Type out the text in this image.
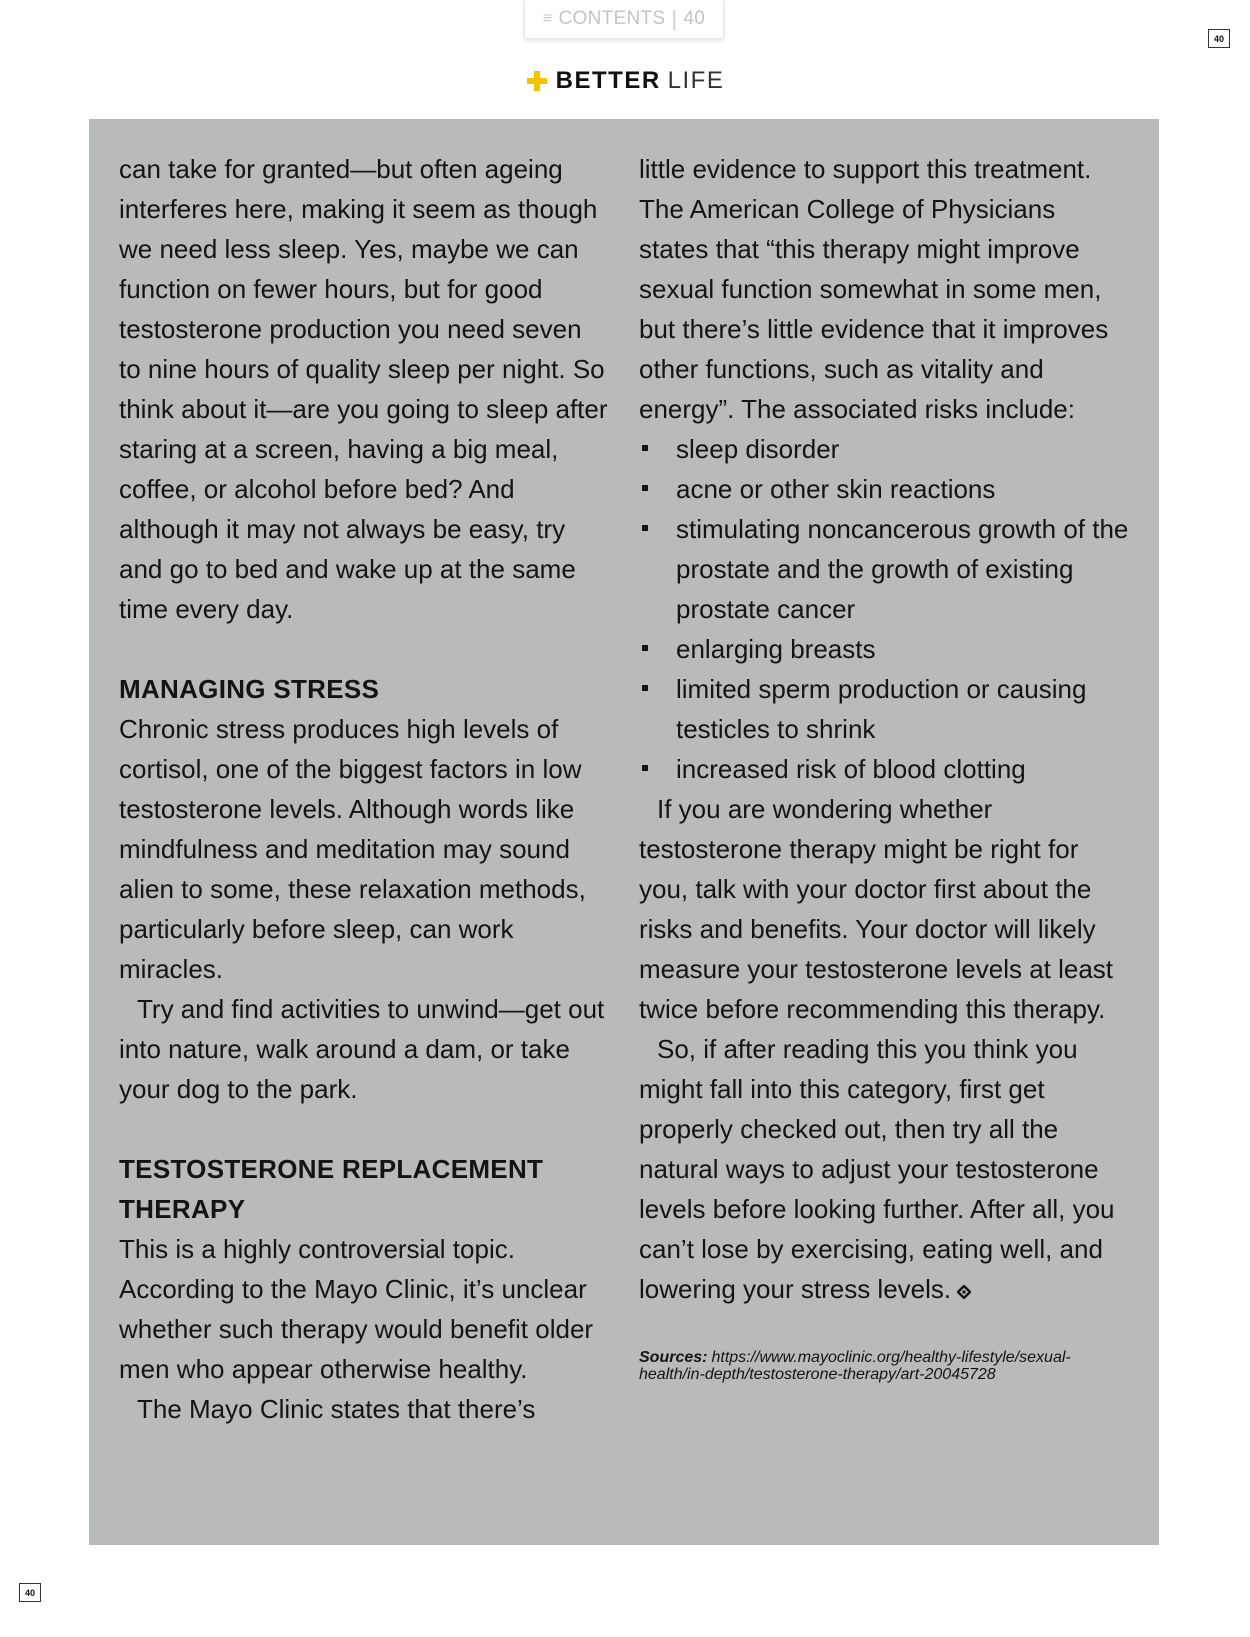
≡ CONTENTS | 40
40
BETTER LIFE

can take for granted—but often ageing interferes here, making it seem as though we need less sleep. Yes, maybe we can function on fewer hours, but for good testosterone production you need seven to nine hours of quality sleep per night. So think about it—are you going to sleep after staring at a screen, having a big meal, coffee, or alcohol before bed? And although it may not always be easy, try and go to bed and wake up at the same time every day.

MANAGING STRESS

Chronic stress produces high levels of cortisol, one of the biggest factors in low testosterone levels. Although words like mindfulness and meditation may sound alien to some, these relaxation methods, particularly before sleep, can work miracles.

Try and find activities to unwind—get out into nature, walk around a dam, or take your dog to the park.

TESTOSTERONE REPLACEMENT THERAPY

This is a highly controversial topic. According to the Mayo Clinic, it’s unclear whether such therapy would benefit older men who appear otherwise healthy.

The Mayo Clinic states that there’s

little evidence to support this treatment. The American College of Physicians states that “this therapy might improve sexual function somewhat in some men, but there’s little evidence that it improves other functions, such as vitality and energy”. The associated risks include:

sleep disorder
acne or other skin reactions
stimulating noncancerous growth of the prostate and the growth of existing prostate cancer
enlarging breasts
limited sperm production or causing testicles to shrink
increased risk of blood clotting

If you are wondering whether testosterone therapy might be right for you, talk with your doctor first about the risks and benefits. Your doctor will likely measure your testosterone levels at least twice before recommending this therapy.

So, if after reading this you think you might fall into this category, first get properly checked out, then try all the natural ways to adjust your testosterone levels before looking further. After all, you can’t lose by exercising, eating well, and lowering your stress levels.

Sources: https://www.mayoclinic.org/healthy-lifestyle/sexual-health/in-depth/testosterone-therapy/art-20045728
40
